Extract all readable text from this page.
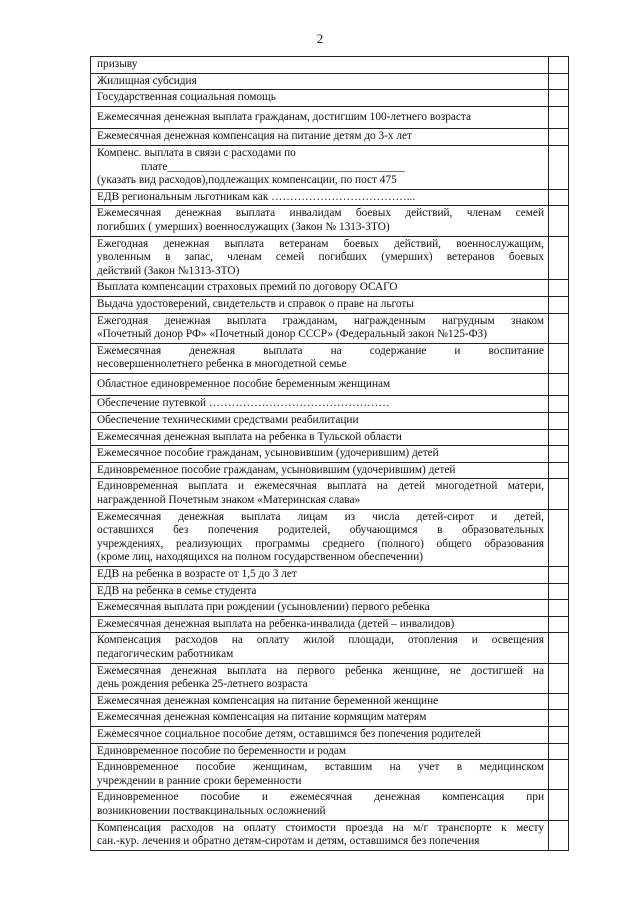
2
призыву	

Жилищная субсидия	

Государственная социальная помощь	

Ежемесячная денежная выплата гражданам, достигшим 100-летнего возраста	

Ежемесячная денежная компенсация на питание детям до 3-х лет	

Компенс. выплата в связи с расходами по
плате__________________________________________
(указать вид расходов),подлежащих компенсации, по пост 475	

ЕДВ региональным льготникам как ………………………………...	

Ежемесячная денежная выплата инвалидам боевых действий, членам семей
погибших ( умерших) военнослужащих (Закон № 1313-ЗТО)	

Ежегодная денежная выплата ветеранам боевых действий, военнослужащим,
уволенным в запас, членам семей погибших (умерших) ветеранов боевых
действий (Закон №1313-ЗТО)	

Выплата компенсации страховых премий по договору ОСАГО	

Выдача удостоверений, свидетельств и справок о праве на льготы	

Ежегодная денежная выплата гражданам, награжденным нагрудным знаком
«Почетный донор РФ» «Почетный донор СССР» (Федеральный закон №125-ФЗ)	

Ежемесячная денежная выплата на содержание и воспитание
несовершеннолетнего ребенка в многодетной семье	

Областное единовременное пособие беременным женщинам	

Обеспечение путевкой …………………………………………	

Обеспечение техническими средствами реабилитации	

Ежемесячная денежная выплата на ребенка в Тульской области	

Ежемесячное пособие гражданам, усыновившим (удочерившим) детей	

Единовременное пособие гражданам, усыновившим (удочерившим) детей	

Единовременная выплата и ежемесячная выплата на детей многодетной матери,
награжденной Почетным знаком «Материнская слава»	

Ежемесячная денежная выплата лицам из числа детей-сирот и детей,
оставшихся без попечения родителей, обучающимся в образовательных
учреждениях, реализующих программы среднего (полного) общего образования
(кроме лиц, находящихся на полном государственном обеспечении)	

ЕДВ на ребенка в возрасте от 1,5 до 3 лет	

ЕДВ на ребенка в семье студента	

Ежемесячная выплата при рождении (усыновлении) первого ребенка	

Ежемесячная денежная выплата на ребенка-инвалида (детей – инвалидов)	

Компенсация расходов на оплату жилой площади, отопления и освещения
педагогическим работникам	

Ежемесячная денежная выплата на первого ребенка женщине, не достигшей на
день рождения ребенка 25-летнего возраста	

Ежемесячная денежная компенсация на питание беременной женщине	

Ежемесячная денежная компенсация на питание кормящим матерям	

Ежемесячное социальное пособие детям, оставшимся без попечения родителей	

Единовременное пособие по беременности и родам	

Единовременное пособие женщинам, вставшим на учет в медицинском
учреждении в ранние сроки беременности	

Единовременное пособие и ежемесячная денежная компенсация при
возникновении поствакцинальных осложнений	

Компенсация расходов на оплату стоимости проезда на м/г транспорте к месту
сан.-кур. лечения и обратно детям-сиротам и детям, оставшимся без попечения	
